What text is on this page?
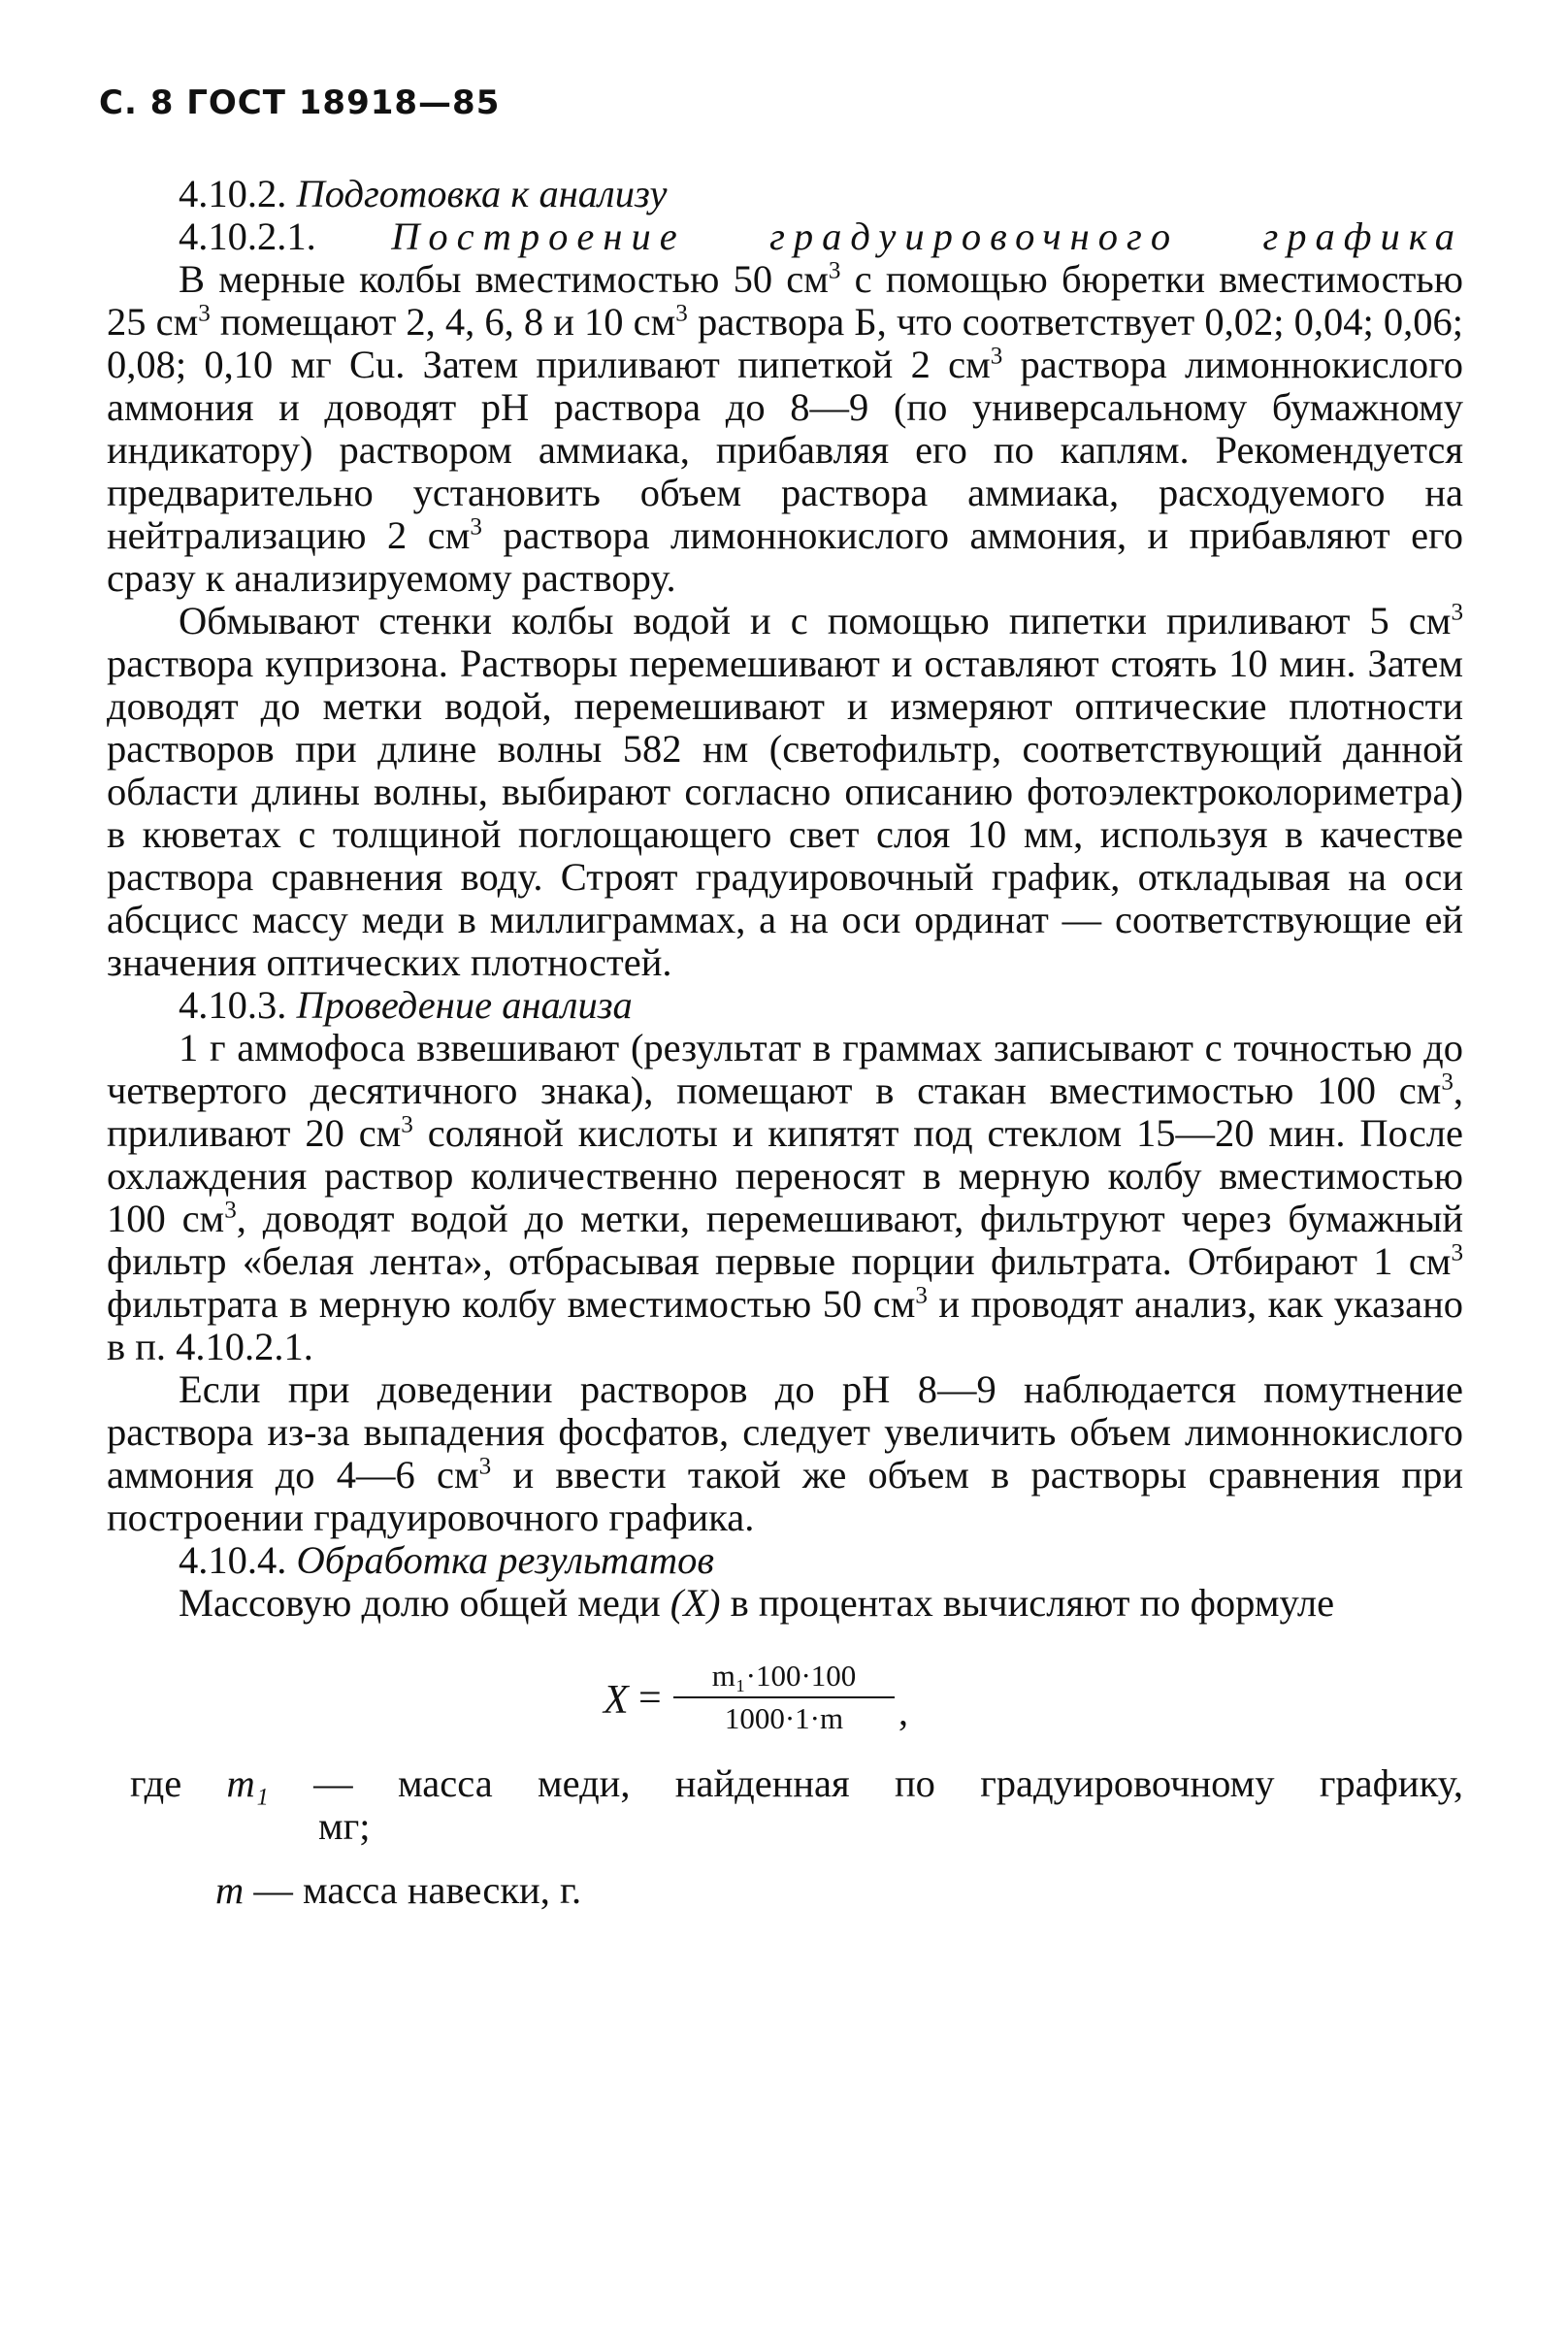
С. 8 ГОСТ 18918—85

4.10.2. Подготовка к анализу

4.10.2.1. Построение градуировочного графика

В мерные колбы вместимостью 50 $см^3$ с помощью бюретки вместимостью 25 $см^3$ помещают 2, 4, 6, 8 и 10 $см^3$ раствора Б, что соответствует 0,02; 0,04; 0,06; 0,08; 0,10 мг Cu. Затем приливают пипеткой 2 $см^3$ раствора лимоннокислого аммония и доводят pH раствора до 8—9 (по универсальному бумажному индикатору) раствором аммиака, прибавляя его по каплям. Рекомендуется предварительно установить объем раствора аммиака, расходуемого на нейтрализацию 2 $см^3$ раствора лимоннокислого аммония, и прибавляют его сразу к анализируемому раствору.

Обмывают стенки колбы водой и с помощью пипетки приливают 5 $см^3$ раствора купризона. Растворы перемешивают и оставляют стоять 10 мин. Затем доводят до метки водой, перемешивают и измеряют оптические плотности растворов при длине волны 582 нм (светофильтр, соответствующий данной области длины волны, выбирают согласно описанию фотоэлектроколориметра) в кюветах с толщиной поглощающего свет слоя 10 мм, используя в качестве раствора сравнения воду. Строят градуировочный график, откладывая на оси абсцисс массу меди в миллиграммах, а на оси ординат — соответствующие ей значения оптических плотностей.

4.10.3. Проведение анализа

1 г аммофоса взвешивают (результат в граммах записывают с точностью до четвертого десятичного знака), помещают в стакан вместимостью 100 $см^3$, приливают 20 $см^3$ соляной кислоты и кипятят под стеклом 15—20 мин. После охлаждения раствор количественно переносят в мерную колбу вместимостью 100 $см^3$, доводят водой до метки, перемешивают, фильтруют через бумажный фильтр «белая лента», отбрасывая первые порции фильтрата. Отбирают 1 $см^3$ фильтрата в мерную колбу вместимостью 50 $см^3$ и проводят анализ, как указано в п. 4.10.2.1.

Если при доведении растворов до pH 8—9 наблюдается помутнение раствора из-за выпадения фосфатов, следует увеличить объем лимоннокислого аммония до 4—6 $см^3$ и ввести такой же объем в растворы сравнения при построении градуировочного графика.

4.10.4. Обработка результатов

Массовую долю общей меди (X) в процентах вычисляют по формуле

$X = \frac{\text{m₁·100·100}}{1000\cdot 1\cdot m}$ ,
где m₁ — масса меди, найденная по градуировочному графику,
мг;
m — масса навески, г.
